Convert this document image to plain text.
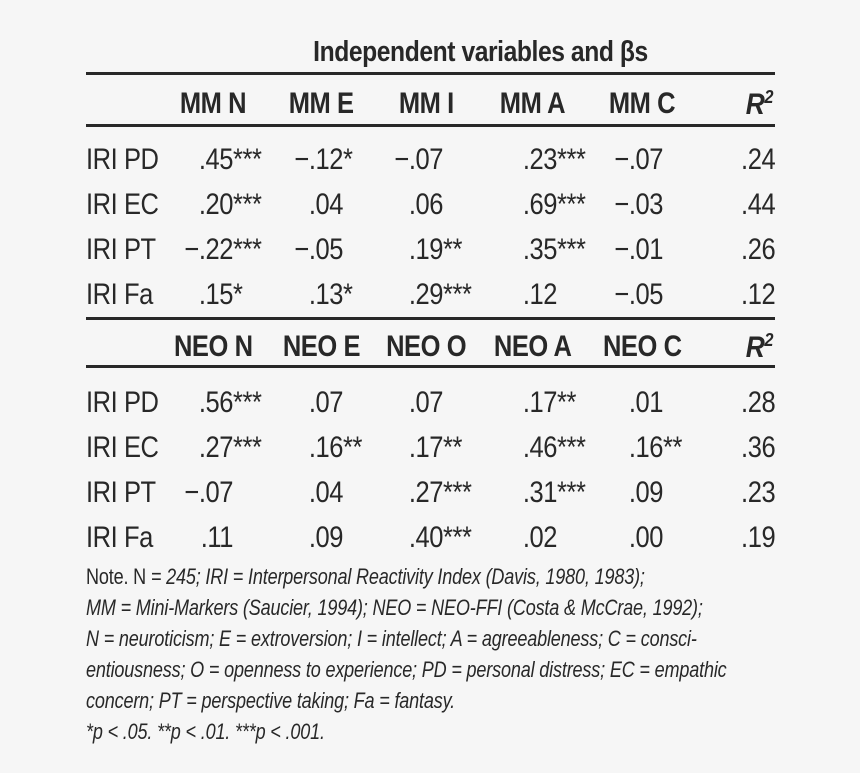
Independent variables and βs
MM N MM E MM I MM A MM C $R^2$
IRI PD	.45 ***	−.12 *	−.07	.23 *** −.07	.24
IRI EC	.20 ***	.04	.06	.69 *** −.03	.44
IRI PT −.22 ***	−.05	.19 **	.35 *** −.01	.26
IRI Fa	.15 *	.13 *	.29 ***	.12	−.05	.12
NEO N NEO E NEO O NEO A NEO C $R^2$
IRI PD	.56 ***	.07	.07	.17 **	.01	.28
IRI EC	.27 ***	.16 **	.17 **	.46 ***	.16 **	.36
IRI PT −.07	.04	.27 ***	.31 ***	.09	.23
IRI Fa	.11	.09	.40 ***	.02	.00	.19
Note. N = 245; IRI = Interpersonal Reactivity Index (Davis, 1980, 1983);
MM = Mini-Markers (Saucier, 1994); NEO = NEO-FFI (Costa & McCrae, 1992);
N = neuroticism; E = extroversion; I = intellect; A = agreeableness; C = consci-
entiousness; O = openness to experience; PD = personal distress; EC = empathic
concern; PT = perspective taking; Fa = fantasy.
*p < .05. **p < .01. ***p < .001.
